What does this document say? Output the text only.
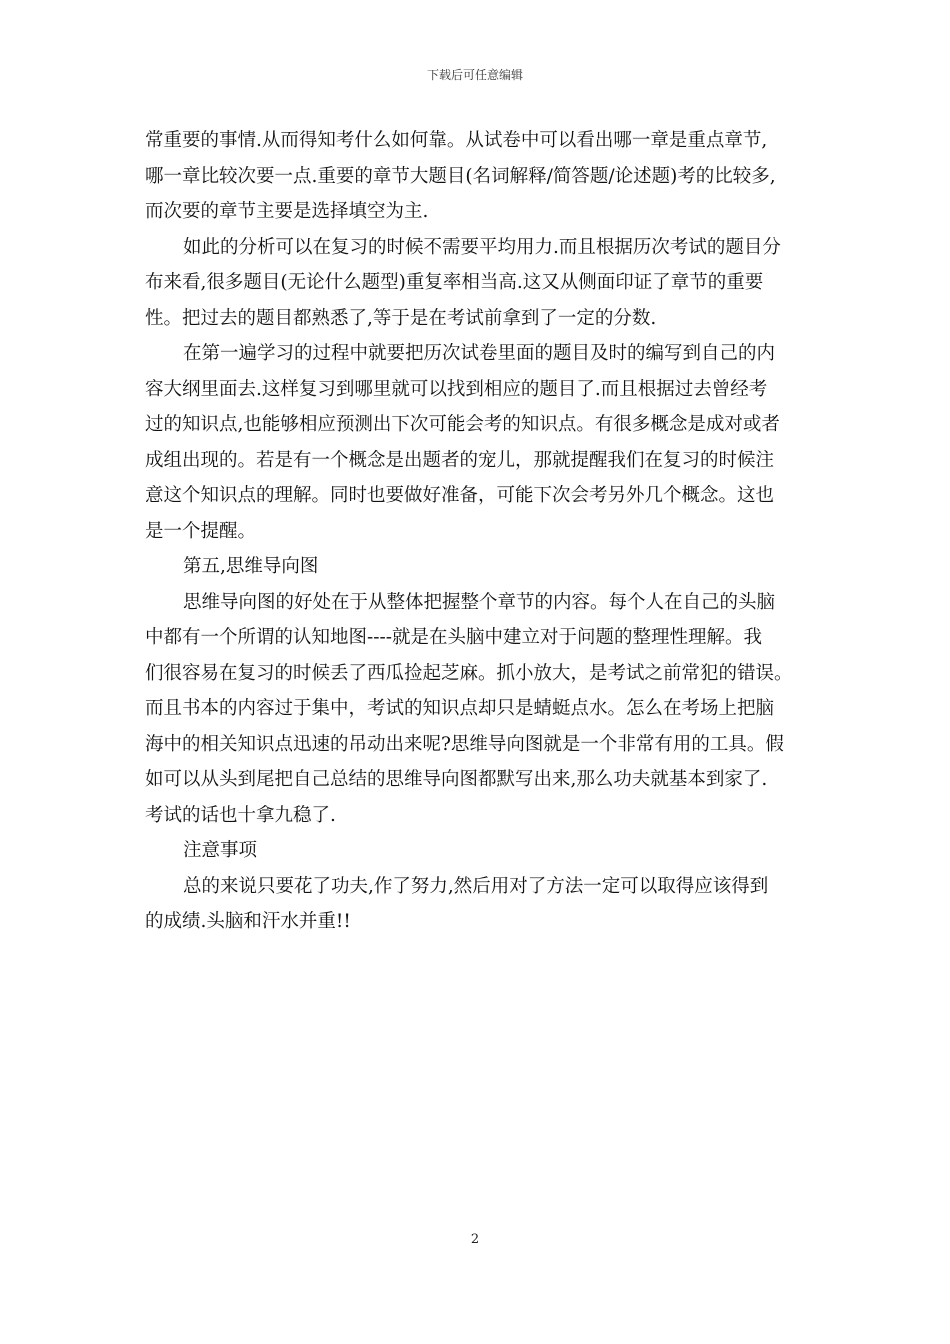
下载后可任意编辑
常重要的事情.从而得知考什么如何靠。从试卷中可以看出哪一章是重点章节,
哪一章比较次要一点.重要的章节大题目(名词解释/简答题/论述题)考的比较多,
而次要的章节主要是选择填空为主.
如此的分析可以在复习的时候不需要平均用力.而且根据历次考试的题目分
布来看,很多题目(无论什么题型)重复率相当高.这又从侧面印证了章节的重要
性。把过去的题目都熟悉了,等于是在考试前拿到了一定的分数.
在第一遍学习的过程中就要把历次试卷里面的题目及时的编写到自己的内
容大纲里面去.这样复习到哪里就可以找到相应的题目了.而且根据过去曾经考
过的知识点,也能够相应预测出下次可能会考的知识点。有很多概念是成对或者
成组出现的。若是有一个概念是出题者的宠儿，那就提醒我们在复习的时候注
意这个知识点的理解。同时也要做好准备，可能下次会考另外几个概念。这也
是一个提醒。
第五,思维导向图
思维导向图的好处在于从整体把握整个章节的内容。每个人在自己的头脑
中都有一个所谓的认知地图----就是在头脑中建立对于问题的整理性理解。我
们很容易在复习的时候丢了西瓜捡起芝麻。抓小放大，是考试之前常犯的错误。
而且书本的内容过于集中，考试的知识点却只是蜻蜓点水。怎么在考场上把脑
海中的相关知识点迅速的吊动出来呢?思维导向图就是一个非常有用的工具。假
如可以从头到尾把自己总结的思维导向图都默写出来,那么功夫就基本到家了.
考试的话也十拿九稳了.
注意事项
总的来说只要花了功夫,作了努力,然后用对了方法一定可以取得应该得到
的成绩.头脑和汗水并重!!
2
